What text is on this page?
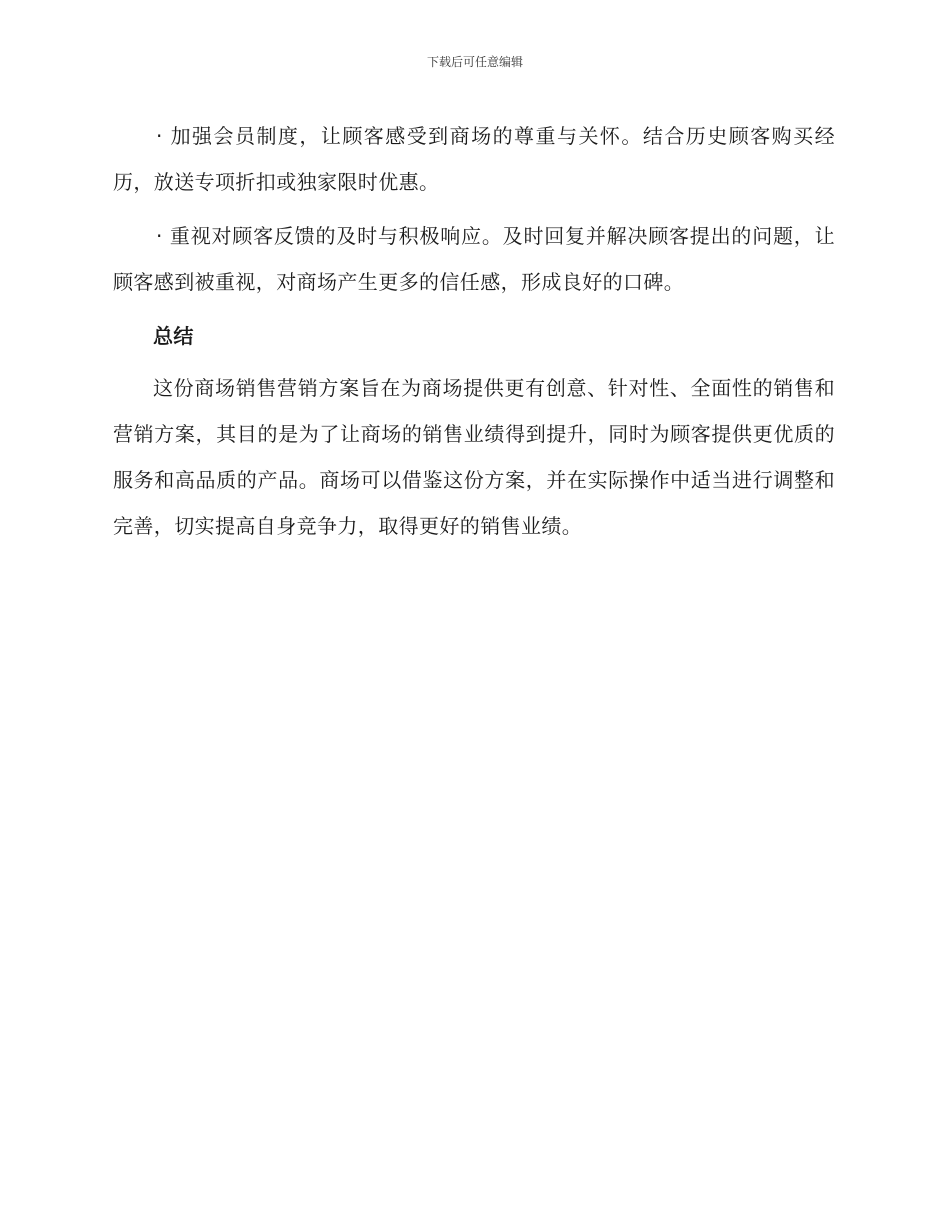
下载后可任意编辑

· 加强会员制度，让顾客感受到商场的尊重与关怀。结合历史顾客购买经历，放送专项折扣或独家限时优惠。

· 重视对顾客反馈的及时与积极响应。及时回复并解决顾客提出的问题，让顾客感到被重视，对商场产生更多的信任感，形成良好的口碑。

总结

这份商场销售营销方案旨在为商场提供更有创意、针对性、全面性的销售和营销方案，其目的是为了让商场的销售业绩得到提升，同时为顾客提供更优质的服务和高品质的产品。商场可以借鉴这份方案，并在实际操作中适当进行调整和完善，切实提高自身竞争力，取得更好的销售业绩。
